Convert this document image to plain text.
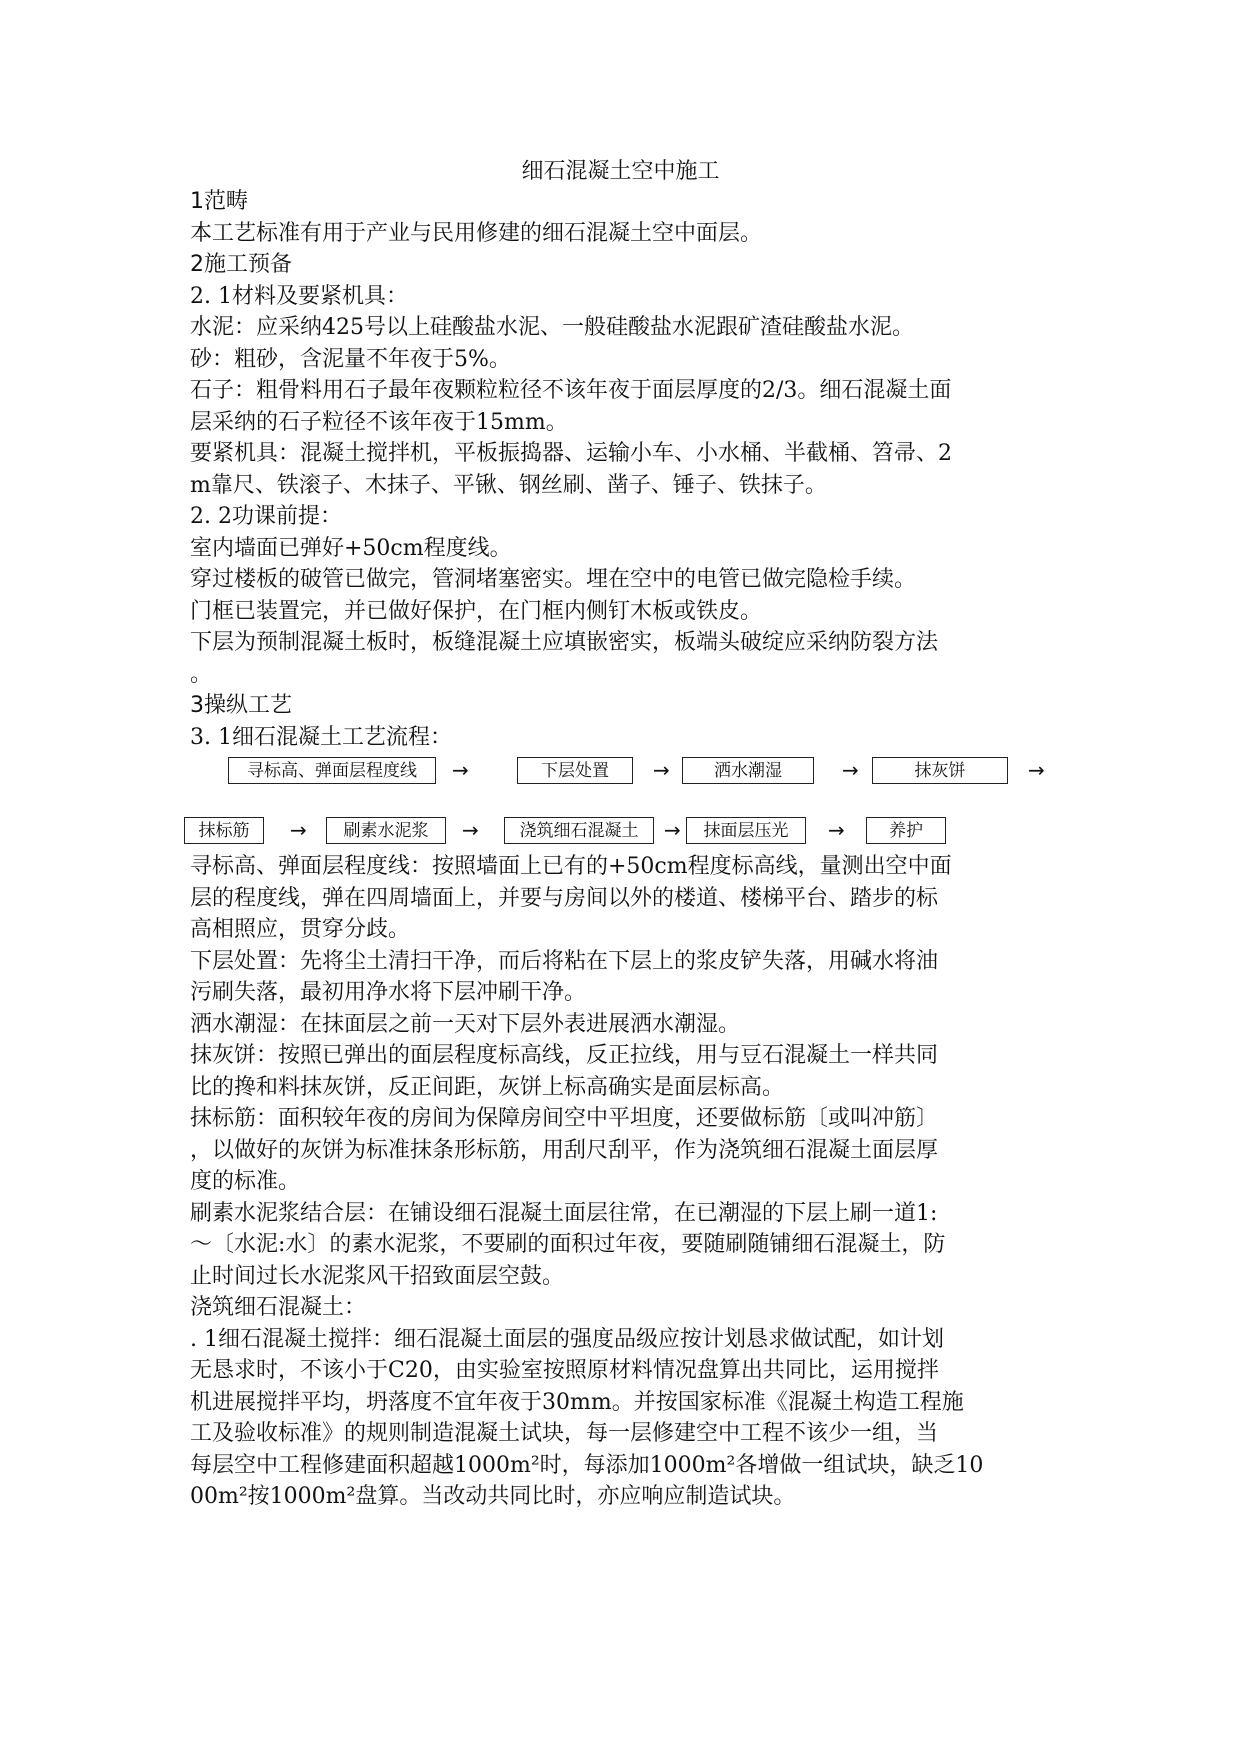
细石混凝土空中施工
1范畴
本工艺标准有用于产业与民用修建的细石混凝土空中面层。
2施工预备
2. 1材料及要紧机具：
水泥：应采纳425号以上硅酸盐水泥、一般硅酸盐水泥跟矿渣硅酸盐水泥。
砂：粗砂，含泥量不年夜于5%。
石子：粗骨料用石子最年夜颗粒粒径不该年夜于面层厚度的2/3。细石混凝土面
层采纳的石子粒径不该年夜于15mm。
要紧机具：混凝土搅拌机，平板振捣器、运输小车、小水桶、半截桶、笤帚、2
m靠尺、铁滚子、木抹子、平锹、钢丝刷、凿子、锤子、铁抹子。
2. 2功课前提：
室内墙面已弹好+50cm程度线。
穿过楼板的破管已做完，管洞堵塞密实。埋在空中的电管已做完隐检手续。
门框已装置完，并已做好保护，在门框内侧钉木板或铁皮。
下层为预制混凝土板时，板缝混凝土应填嵌密实，板端头破绽应采纳防裂方法
。
3操纵工艺
3. 1细石混凝土工艺流程：
寻标高、弹面层程度线	→	下层处置	→	洒水潮湿	→	抹灰饼	→
抹标筋	→	刷素水泥浆	→	浇筑细石混凝土	→	抹面层压光	→	养护
寻标高、弹面层程度线：按照墙面上已有的+50cm程度标高线，量测出空中面
层的程度线，弹在四周墙面上，并要与房间以外的楼道、楼梯平台、踏步的标
高相照应，贯穿分歧。
下层处置：先将尘土清扫干净，而后将粘在下层上的浆皮铲失落，用碱水将油
污刷失落，最初用净水将下层冲刷干净。
洒水潮湿：在抹面层之前一天对下层外表进展洒水潮湿。
抹灰饼：按照已弹出的面层程度标高线，反正拉线，用与豆石混凝土一样共同
比的搀和料抹灰饼，反正间距，灰饼上标高确实是面层标高。
抹标筋：面积较年夜的房间为保障房间空中平坦度，还要做标筋〔或叫冲筋〕
，以做好的灰饼为标准抹条形标筋，用刮尺刮平，作为浇筑细石混凝土面层厚
度的标准。
刷素水泥浆结合层：在铺设细石混凝土面层往常，在已潮湿的下层上刷一道1:
～〔水泥:水〕的素水泥浆，不要刷的面积过年夜，要随刷随铺细石混凝土，防
止时间过长水泥浆风干招致面层空鼓。
浇筑细石混凝土：
. 1细石混凝土搅拌：细石混凝土面层的强度品级应按计划恳求做试配，如计划
无恳求时，不该小于C20，由实验室按照原材料情况盘算出共同比，运用搅拌
机进展搅拌平均，坍落度不宜年夜于30mm。并按国家标准《混凝土构造工程施
工及验收标准》的规则制造混凝土试块，每一层修建空中工程不该少一组，当
每层空中工程修建面积超越1000m²时，每添加1000m²各增做一组试块，缺乏10
00m²按1000m²盘算。当改动共同比时，亦应响应制造试块。
